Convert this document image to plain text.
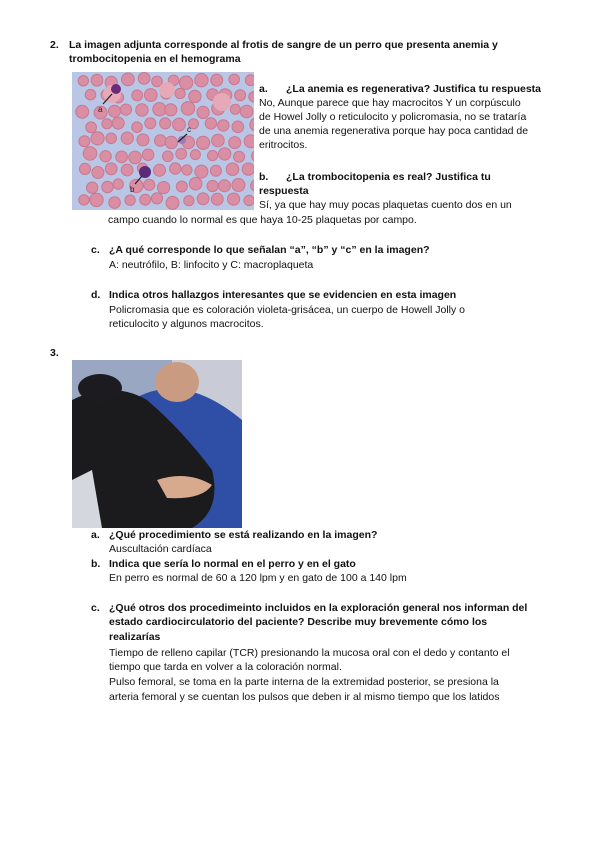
2. La imagen adjunta corresponde al frotis de sangre de un perro que presenta anemia y
trombocitopenia en el hemograma
a
b
c
a. ¿La anemia es regenerativa? Justifica tu respuesta
No, Aunque parece que hay macrocitos Y un corpúsculo
de Howel Jolly o reticulocito y policromasia, no se trataría
de una anemia regenerativa porque hay poca cantidad de
eritrocitos.
b. ¿La trombocitopenia es real? Justifica tu
respuesta
Sí, ya que hay muy pocas plaquetas cuento dos en un
campo cuando lo normal es que haya 10-25 plaquetas por campo.
c. ¿A qué corresponde lo que señalan “a”, “b” y “c” en la imagen?
A: neutrófilo, B: linfocito y C: macroplaqueta
d. Indica otros hallazgos interesantes que se evidencien en esta imagen
Policromasia que es coloración violeta-grisácea, un cuerpo de Howell Jolly o
reticulocito y algunos macrocitos.
3.
a. ¿Qué procedimiento se está realizando en la imagen?
Auscultación cardíaca
b. Indica que sería lo normal en el perro y en el gato
En perro es normal de 60 a 120 lpm y en gato de 100 a 140 lpm
c. ¿Qué otros dos procedimeinto incluidos en la exploración general nos informan del
estado cardiocirculatorio del paciente? Describe muy brevemente cómo los
realizarías
Tiempo de relleno capilar (TCR) presionando la mucosa oral con el dedo y contanto el
tiempo que tarda en volver a la coloración normal.
Pulso femoral, se toma en la parte interna de la extremidad posterior, se presiona la
arteria femoral y se cuentan los pulsos que deben ir al mismo tiempo que los latidos
